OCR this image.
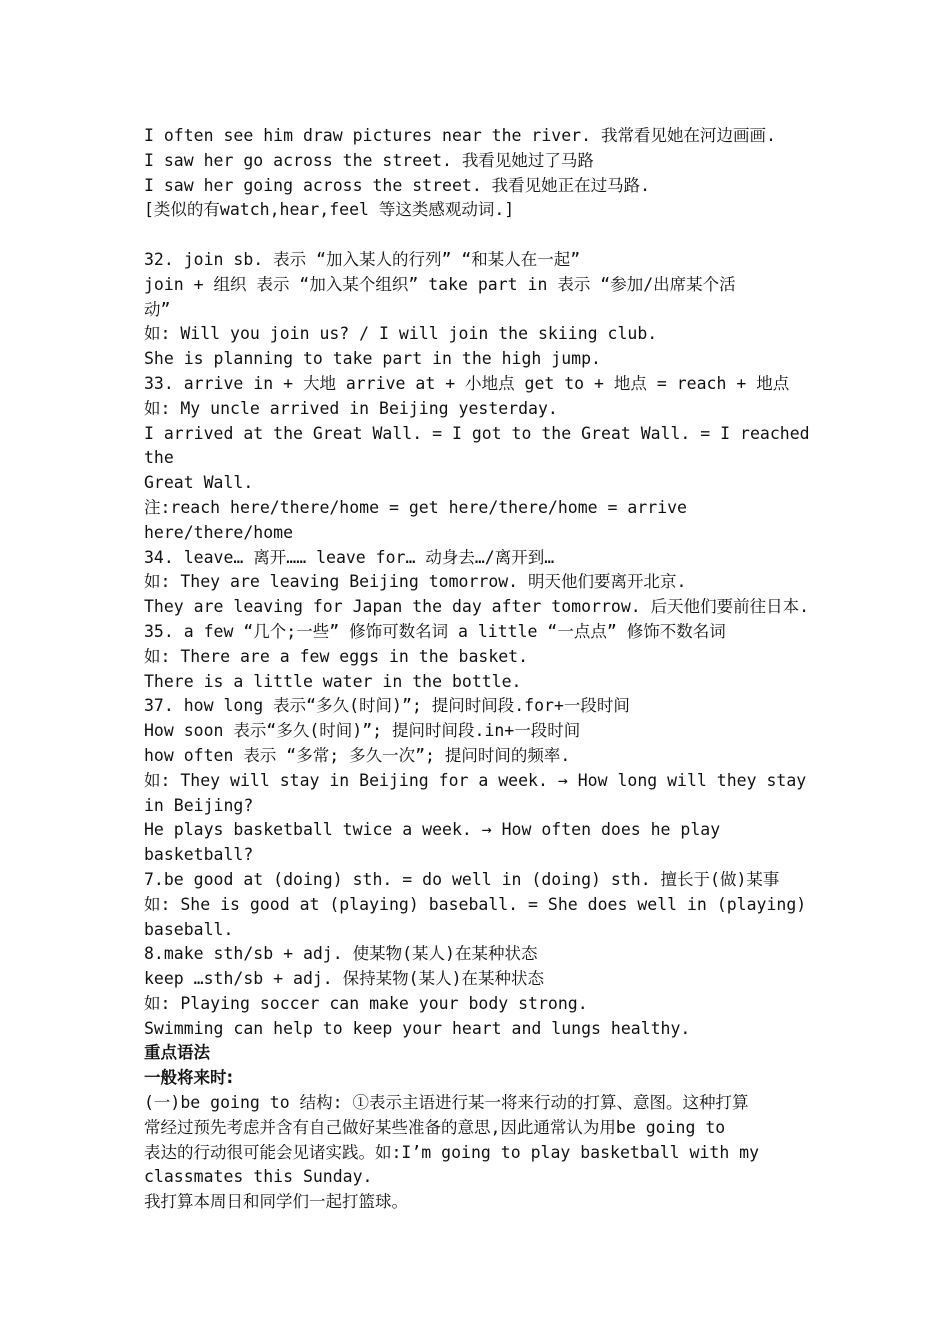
I often see him draw pictures near the river. 我常看见她在河边画画.
I saw her go across the street. 我看见她过了马路
I saw her going across the street. 我看见她正在过马路.
[类似的有watch,hear,feel 等这类感观动词.]
32. join sb. 表示 “加入某人的行列” “和某人在一起”
join + 组织 表示 “加入某个组织” take part in 表示 “参加/出席某个活
动”
如: Will you join us? / I will join the skiing club.
She is planning to take part in the high jump.
33. arrive in + 大地 arrive at + 小地点 get to + 地点 = reach + 地点
如: My uncle arrived in Beijing yesterday.
I arrived at the Great Wall. = I got to the Great Wall. = I reached
the
Great Wall.
注:reach here/there/home = get here/there/home = arrive
here/there/home
34. leave… 离开…… leave for… 动身去…/离开到…
如: They are leaving Beijing tomorrow. 明天他们要离开北京.
They are leaving for Japan the day after tomorrow. 后天他们要前往日本.
35. a few “几个;一些” 修饰可数名词 a little “一点点” 修饰不数名词
如: There are a few eggs in the basket.
There is a little water in the bottle.
37. how long 表示“多久(时间)”; 提问时间段.for+一段时间
How soon 表示“多久(时间)”; 提问时间段.in+一段时间
how often 表示 “多常; 多久一次”; 提问时间的频率.
如: They will stay in Beijing for a week. → How long will they stay
in Beijing?
He plays basketball twice a week. → How often does he play
basketball?
7.be good at (doing) sth. = do well in (doing) sth. 擅长于(做)某事
如: She is good at (playing) baseball. = She does well in (playing)
baseball.
8.make sth/sb + adj. 使某物(某人)在某种状态
keep …sth/sb + adj. 保持某物(某人)在某种状态
如: Playing soccer can make your body strong.
Swimming can help to keep your heart and lungs healthy.
重点语法
一般将来时:
(一)be going to 结构: ①表示主语进行某一将来行动的打算、意图。这种打算
常经过预先考虑并含有自己做好某些准备的意思,因此通常认为用be going to
表达的行动很可能会见诸实践。如:I’m going to play basketball with my
classmates this Sunday.
我打算本周日和同学们一起打篮球。
